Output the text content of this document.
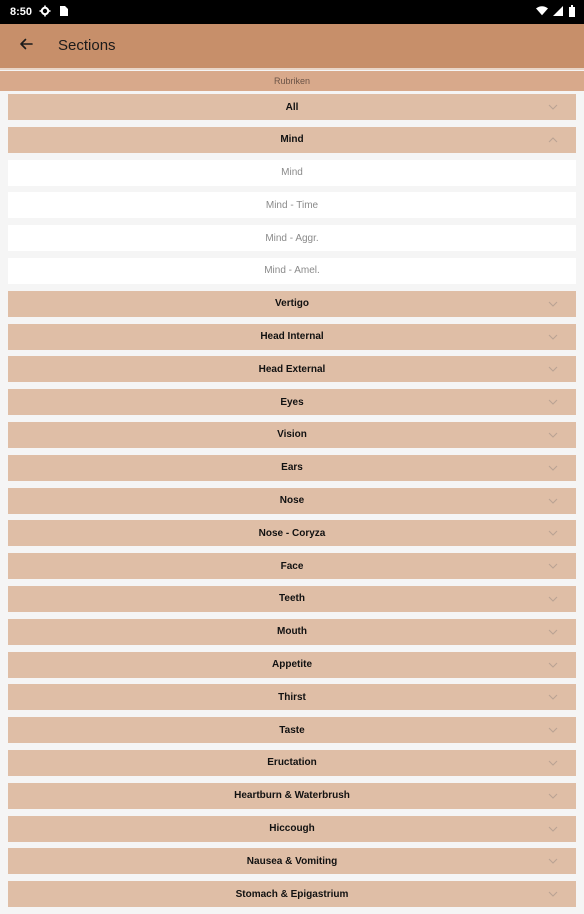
8:50
Sections
Rubriken
All
Mind
Mind
Mind - Time
Mind - Aggr.
Mind - Amel.
Vertigo
Head Internal
Head External
Eyes
Vision
Ears
Nose
Nose - Coryza
Face
Teeth
Mouth
Appetite
Thirst
Taste
Eructation
Heartburn & Waterbrush
Hiccough
Nausea & Vomiting
Stomach & Epigastrium
